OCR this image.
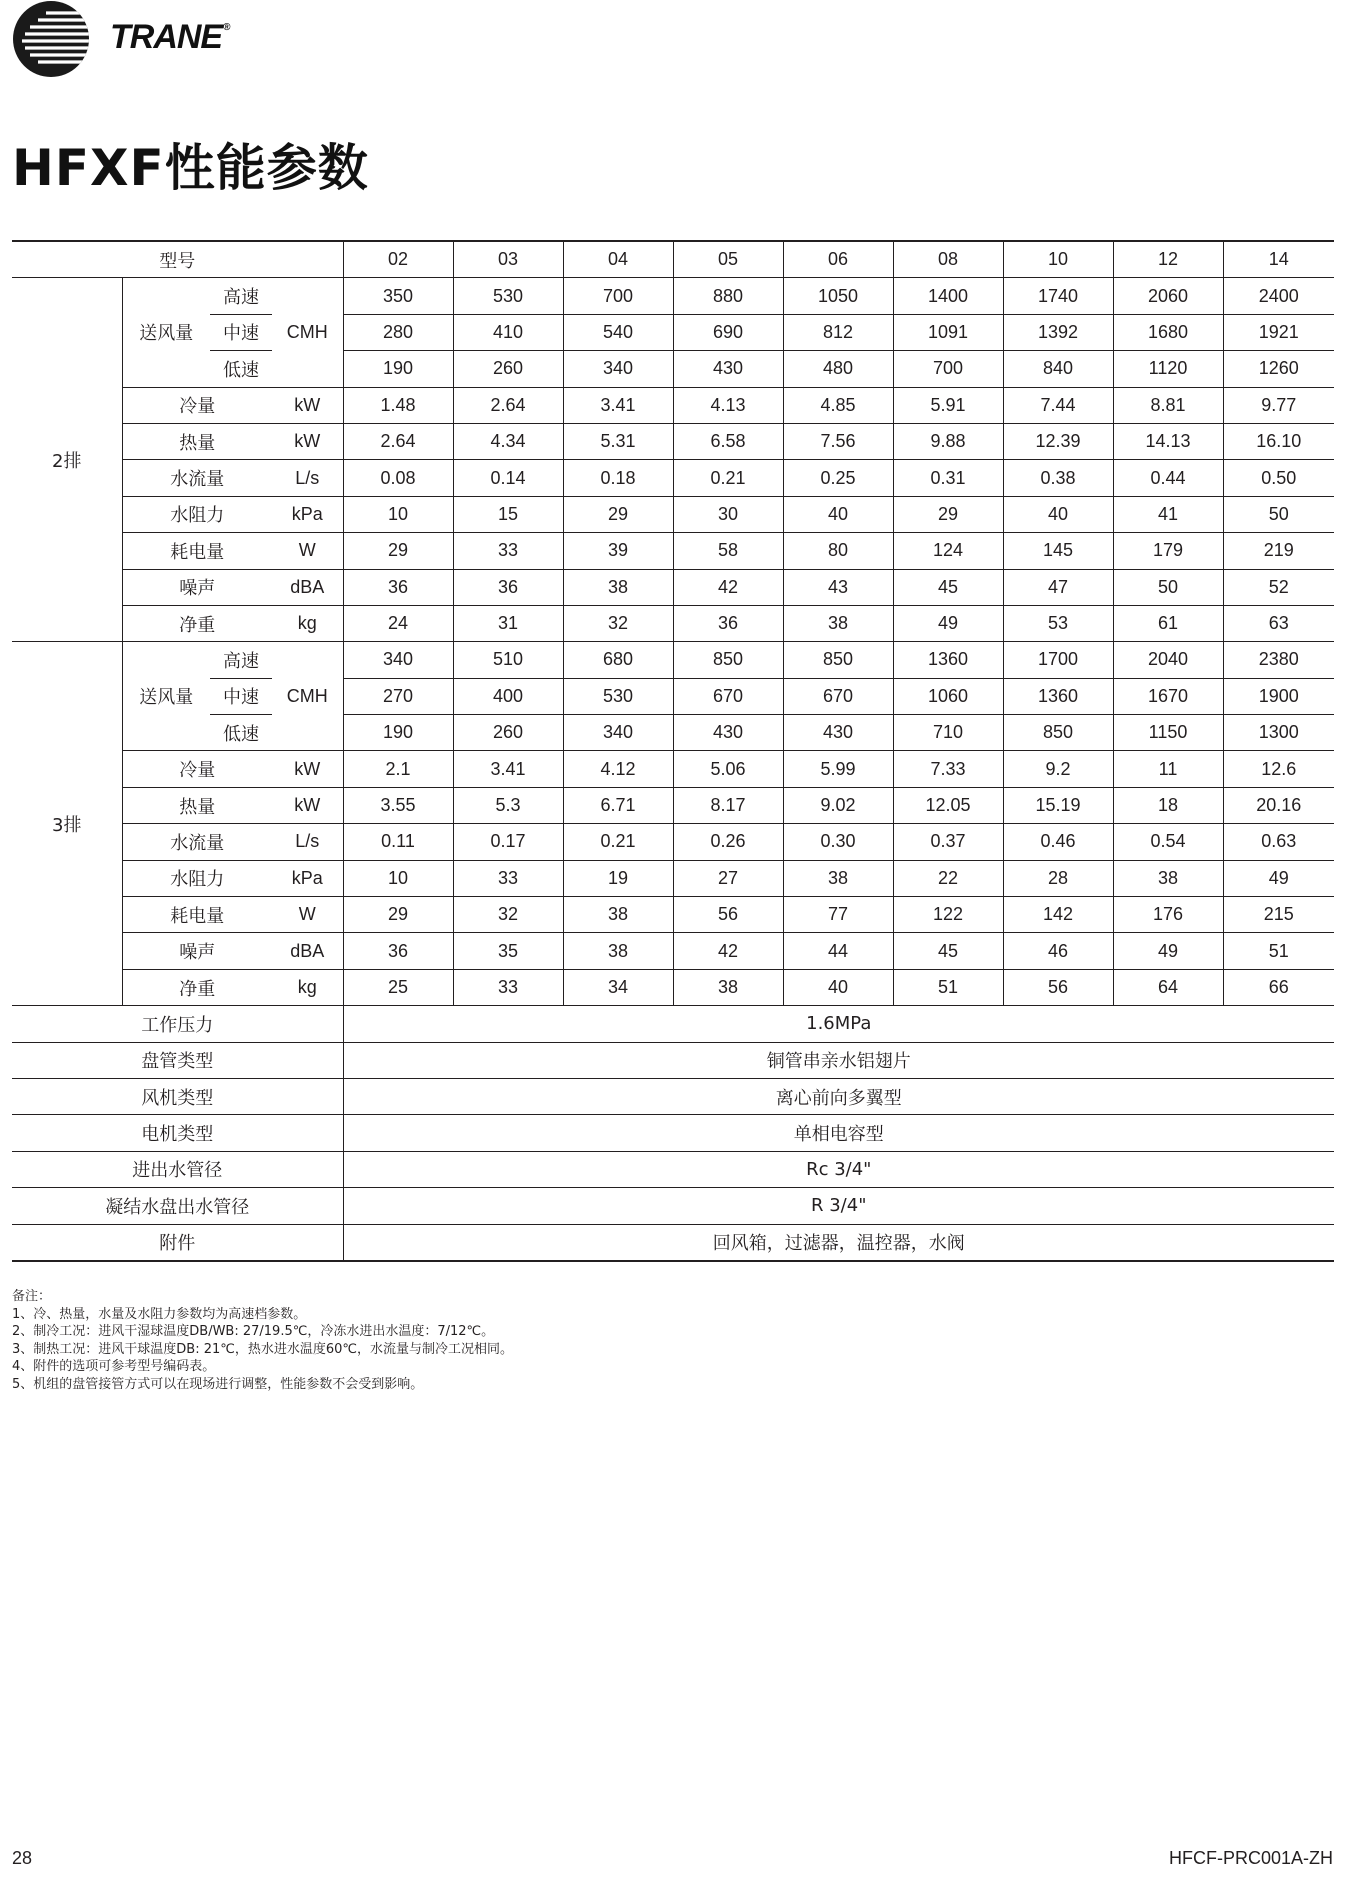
TRANE®
HFXF性能参数
型号				02	03	04	05	06	08	10	12	14
2排	送风量	高速	CMH	350	530	700	880	1050	1400	1740	2060	2400
		中速		280	410	540	690	812	1091	1392	1680	1921
		低速		190	260	340	430	480	700	840	1120	1260
	冷量		kW	1.48	2.64	3.41	4.13	4.85	5.91	7.44	8.81	9.77
	热量		kW	2.64	4.34	5.31	6.58	7.56	9.88	12.39	14.13	16.10
	水流量		L/s	0.08	0.14	0.18	0.21	0.25	0.31	0.38	0.44	0.50
	水阻力		kPa	10	15	29	30	40	29	40	41	50
	耗电量		W	29	33	39	58	80	124	145	179	219
	噪声		dBA	36	36	38	42	43	45	47	50	52
	净重		kg	24	31	32	36	38	49	53	61	63
3排	送风量	高速	CMH	340	510	680	850	850	1360	1700	2040	2380
		中速		270	400	530	670	670	1060	1360	1670	1900
		低速		190	260	340	430	430	710	850	1150	1300
	冷量		kW	2.1	3.41	4.12	5.06	5.99	7.33	9.2	11	12.6
	热量		kW	3.55	5.3	6.71	8.17	9.02	12.05	15.19	18	20.16
	水流量		L/s	0.11	0.17	0.21	0.26	0.30	0.37	0.46	0.54	0.63
	水阻力		kPa	10	33	19	27	38	22	28	38	49
	耗电量		W	29	32	38	56	77	122	142	176	215
	噪声		dBA	36	35	38	42	44	45	46	49	51
	净重		kg	25	33	34	38	40	51	56	64	66
工作压力				1.6MPa								
盘管类型				铜管串亲水铝翅片								
风机类型				离心前向多翼型								
电机类型				单相电容型								
进出水管径				Rc 3/4"								
凝结水盘出水管径				R 3/4"								
附件				回风箱，过滤器，温控器，水阀								
备注：
1、冷、热量，水量及水阻力参数均为高速档参数。
2、制冷工况：进风干湿球温度DB/WB: 27/19.5℃，冷冻水进出水温度：7/12℃。
3、制热工况：进风干球温度DB: 21℃，热水进水温度60℃，水流量与制冷工况相同。
4、附件的选项可参考型号编码表。
5、机组的盘管接管方式可以在现场进行调整，性能参数不会受到影响。
28	HFCF-PRC001A-ZH
